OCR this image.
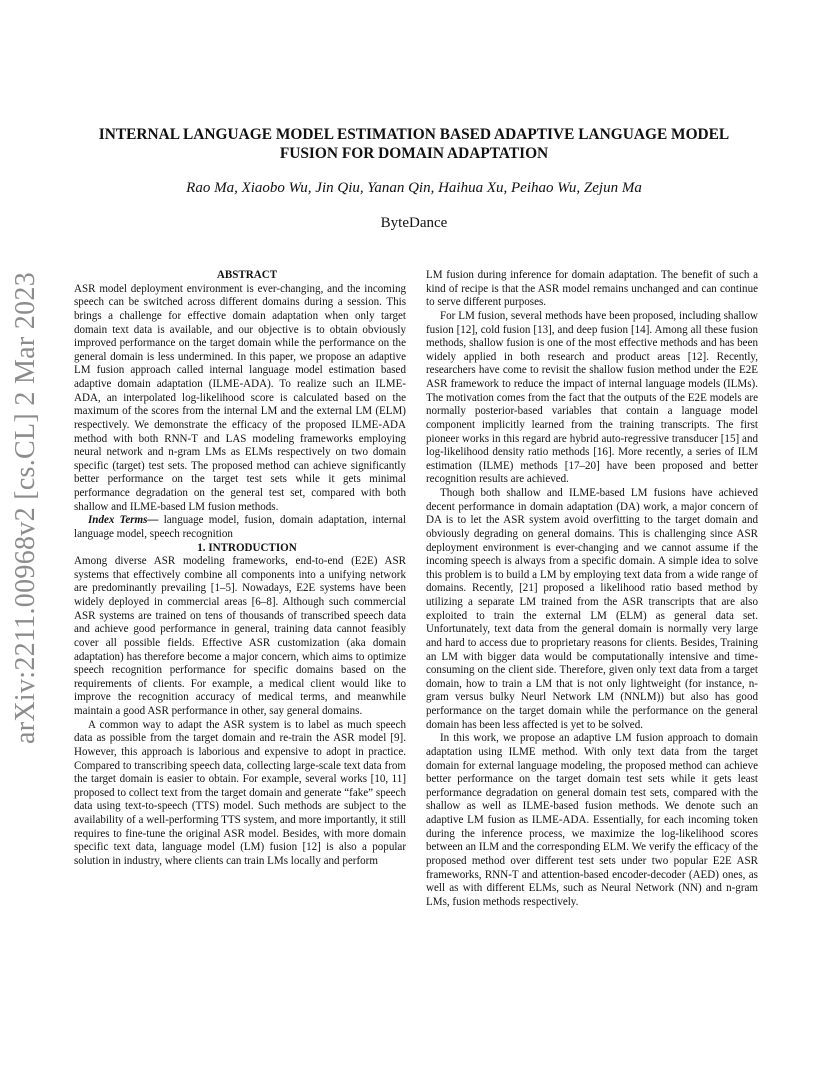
arXiv:2211.00968v2 [cs.CL] 2 Mar 2023
INTERNAL LANGUAGE MODEL ESTIMATION BASED ADAPTIVE LANGUAGE MODEL FUSION FOR DOMAIN ADAPTATION

Rao Ma, Xiaobo Wu, Jin Qiu, Yanan Qin, Haihua Xu, Peihao Wu, Zejun Ma

ByteDance

ABSTRACT

ASR model deployment environment is ever-changing, and the incoming speech can be switched across different domains during a session. This brings a challenge for effective domain adaptation when only target domain text data is available, and our objective is to obtain obviously improved performance on the target domain while the performance on the general domain is less undermined. In this paper, we propose an adaptive LM fusion approach called internal language model estimation based adaptive domain adaptation (ILME-ADA). To realize such an ILME-ADA, an interpolated log-likelihood score is calculated based on the maximum of the scores from the internal LM and the external LM (ELM) respectively. We demonstrate the efficacy of the proposed ILME-ADA method with both RNN-T and LAS modeling frameworks employing neural network and n-gram LMs as ELMs respectively on two domain specific (target) test sets. The proposed method can achieve significantly better performance on the target test sets while it gets minimal performance degradation on the general test set, compared with both shallow and ILME-based LM fusion methods.

Index Terms— language model, fusion, domain adaptation, internal language model, speech recognition

1. INTRODUCTION

Among diverse ASR modeling frameworks, end-to-end (E2E) ASR systems that effectively combine all components into a unifying network are predominantly prevailing [1–5]. Nowadays, E2E systems have been widely deployed in commercial areas [6–8]. Although such commercial ASR systems are trained on tens of thousands of transcribed speech data and achieve good performance in general, training data cannot feasibly cover all possible fields. Effective ASR customization (aka domain adaptation) has therefore become a major concern, which aims to optimize speech recognition performance for specific domains based on the requirements of clients. For example, a medical client would like to improve the recognition accuracy of medical terms, and meanwhile maintain a good ASR performance in other, say general domains.

A common way to adapt the ASR system is to label as much speech data as possible from the target domain and re-train the ASR model [9]. However, this approach is laborious and expensive to adopt in practice. Compared to transcribing speech data, collecting large-scale text data from the target domain is easier to obtain. For example, several works [10, 11] proposed to collect text from the target domain and generate “fake” speech data using text-to-speech (TTS) model. Such methods are subject to the availability of a well-performing TTS system, and more importantly, it still requires to fine-tune the original ASR model. Besides, with more domain specific text data, language model (LM) fusion [12] is also a popular solution in industry, where clients can train LMs locally and perform

LM fusion during inference for domain adaptation. The benefit of such a kind of recipe is that the ASR model remains unchanged and can continue to serve different purposes.

For LM fusion, several methods have been proposed, including shallow fusion [12], cold fusion [13], and deep fusion [14]. Among all these fusion methods, shallow fusion is one of the most effective methods and has been widely applied in both research and product areas [12]. Recently, researchers have come to revisit the shallow fusion method under the E2E ASR framework to reduce the impact of internal language models (ILMs). The motivation comes from the fact that the outputs of the E2E models are normally posterior-based variables that contain a language model component implicitly learned from the training transcripts. The first pioneer works in this regard are hybrid auto-regressive transducer [15] and log-likelihood density ratio methods [16]. More recently, a series of ILM estimation (ILME) methods [17–20] have been proposed and better recognition results are achieved.

Though both shallow and ILME-based LM fusions have achieved decent performance in domain adaptation (DA) work, a major concern of DA is to let the ASR system avoid overfitting to the target domain and obviously degrading on general domains. This is challenging since ASR deployment environment is ever-changing and we cannot assume if the incoming speech is always from a specific domain. A simple idea to solve this problem is to build a LM by employing text data from a wide range of domains. Recently, [21] proposed a likelihood ratio based method by utilizing a separate LM trained from the ASR transcripts that are also exploited to train the external LM (ELM) as general data set. Unfortunately, text data from the general domain is normally very large and hard to access due to proprietary reasons for clients. Besides, Training an LM with bigger data would be computationally intensive and time-consuming on the client side. Therefore, given only text data from a target domain, how to train a LM that is not only lightweight (for instance, n-gram versus bulky Neurl Network LM (NNLM)) but also has good performance on the target domain while the performance on the general domain has been less affected is yet to be solved.

In this work, we propose an adaptive LM fusion approach to domain adaptation using ILME method. With only text data from the target domain for external language modeling, the proposed method can achieve better performance on the target domain test sets while it gets least performance degradation on general domain test sets, compared with the shallow as well as ILME-based fusion methods. We denote such an adaptive LM fusion as ILME-ADA. Essentially, for each incoming token during the inference process, we maximize the log-likelihood scores between an ILM and the corresponding ELM. We verify the efficacy of the proposed method over different test sets under two popular E2E ASR frameworks, RNN-T and attention-based encoder-decoder (AED) ones, as well as with different ELMs, such as Neural Network (NN) and n-gram LMs, fusion methods respectively.
